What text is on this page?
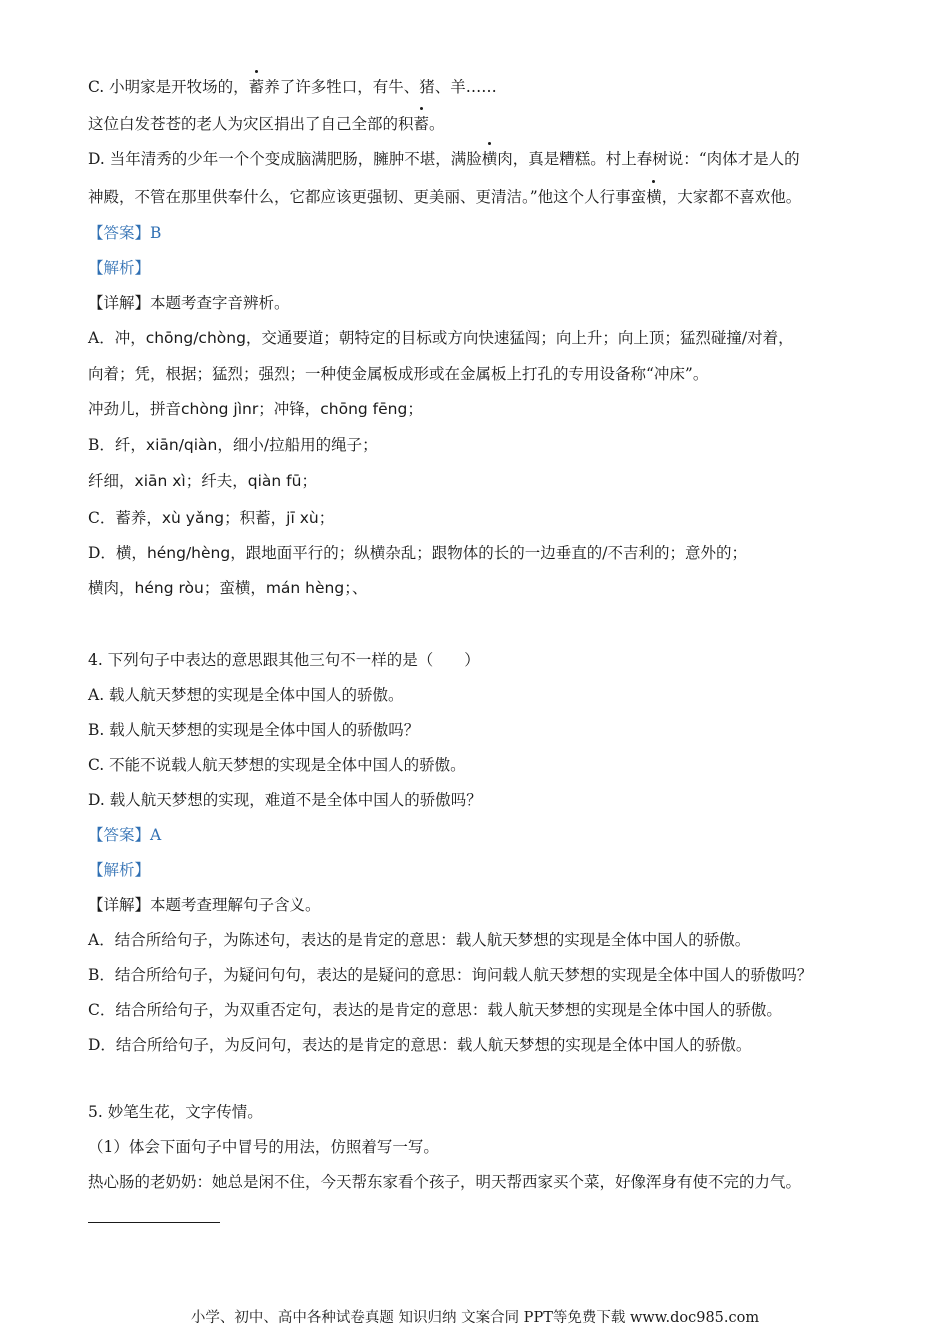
C. 小明家是开牧场的，蓄养了许多牲口，有牛、猪、羊……
这位白发苍苍的老人为灾区捐出了自己全部的积蓄。
D. 当年清秀的少年一个个变成脑满肥肠，臃肿不堪，满脸横肉，真是糟糕。村上春树说：“肉体才是人的
神殿，不管在那里供奉什么，它都应该更强韧、更美丽、更清洁。”他这个人行事蛮横，大家都不喜欢他。
【答案】B
【解析】
【详解】本题考查字音辨析。
A．冲，chōng/chòng，交通要道；朝特定的目标或方向快速猛闯；向上升；向上顶；猛烈碰撞/对着，
向着；凭，根据；猛烈；强烈；一种使金属板成形或在金属板上打孔的专用设备称“冲床”。
冲劲儿，拼音chòng jìnr；冲锋，chōng fēng；
B．纤，xiān/qiàn，细小/拉船用的绳子；
纤细，xiān xì；纤夫，qiàn fū；
C．蓄养，xù yǎng；积蓄，jī xù；
D．横，héng/hèng，跟地面平行的；纵横杂乱；跟物体的长的一边垂直的/不吉利的；意外的；
横肉，héng ròu；蛮横，mán hèng；、
4. 下列句子中表达的意思跟其他三句不一样的是（　　）
A. 载人航天梦想的实现是全体中国人的骄傲。
B. 载人航天梦想的实现是全体中国人的骄傲吗？
C. 不能不说载人航天梦想的实现是全体中国人的骄傲。
D. 载人航天梦想的实现，难道不是全体中国人的骄傲吗？
【答案】A
【解析】
【详解】本题考查理解句子含义。
A．结合所给句子，为陈述句，表达的是肯定的意思：载人航天梦想的实现是全体中国人的骄傲。
B．结合所给句子，为疑问句句，表达的是疑问的意思：询问载人航天梦想的实现是全体中国人的骄傲吗？
C．结合所给句子，为双重否定句，表达的是肯定的意思：载人航天梦想的实现是全体中国人的骄傲。
D．结合所给句子，为反问句，表达的是肯定的意思：载人航天梦想的实现是全体中国人的骄傲。
5. 妙笔生花，文字传情。
（1）体会下面句子中冒号的用法，仿照着写一写。
热心肠的老奶奶：她总是闲不住，今天帮东家看个孩子，明天帮西家买个菜，好像浑身有使不完的力气。
小学、初中、高中各种试卷真题 知识归纳 文案合同 PPT等免费下载 www.doc985.com
